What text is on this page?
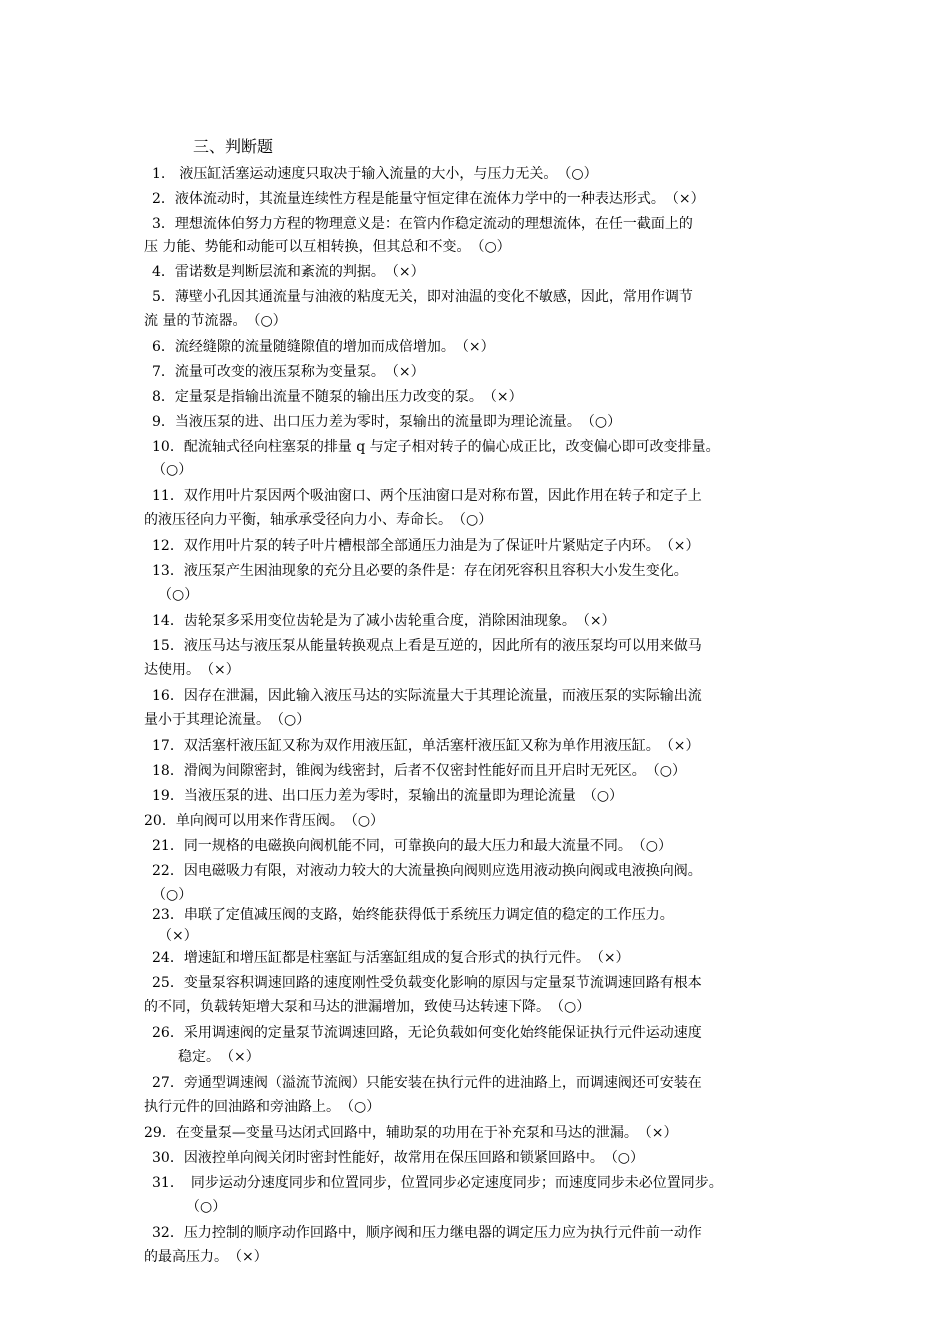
三、判断题
1.　液压缸活塞运动速度只取决于输入流量的大小，与压力无关。　（○）
2．液体流动时，其流量连续性方程是能量守恒定律在流体力学中的一种表达形式。　（×）
3．理想流体伯努力方程的物理意义是：在管内作稳定流动的理想流体，在任一截面上的
压 力能、势能和动能可以互相转换，但其总和不变。　（○）
4．雷诺数是判断层流和紊流的判据。　（×）
5．薄壁小孔因其通流量与油液的粘度无关，即对油温的变化不敏感，因此，常用作调节
流 量的节流器。　（○）
6．流经缝隙的流量随缝隙值的增加而成倍增加。　（×）
7．流量可改变的液压泵称为变量泵。　（×）
8．定量泵是指输出流量不随泵的输出压力改变的泵。　（×）
9．当液压泵的进、出口压力差为零时，泵输出的流量即为理论流量。　（○）
10．配流轴式径向柱塞泵的排量 q 与定子相对转子的偏心成正比，改变偏心即可改变排量。
（○）
11．双作用叶片泵因两个吸油窗口、两个压油窗口是对称布置，因此作用在转子和定子上
的液压径向力平衡，轴承承受径向力小、寿命长。　（○）
12．双作用叶片泵的转子叶片槽根部全部通压力油是为了保证叶片紧贴定子内环。　（×）
13．液压泵产生困油现象的充分且必要的条件是：存在闭死容积且容积大小发生变化。
（○）
14．齿轮泵多采用变位齿轮是为了减小齿轮重合度，消除困油现象。　（×）
15．液压马达与液压泵从能量转换观点上看是互逆的，因此所有的液压泵均可以用来做马
达使用。　（×）
16．因存在泄漏，因此输入液压马达的实际流量大于其理论流量，而液压泵的实际输出流
量小于其理论流量。　（○）
17．双活塞杆液压缸又称为双作用液压缸，单活塞杆液压缸又称为单作用液压缸。　（×）
18．滑阀为间隙密封，锥阀为线密封，后者不仅密封性能好而且开启时无死区。　（○）
19．当液压泵的进、出口压力差为零时，泵输出的流量即为理论流量　（○）
20．单向阀可以用来作背压阀。　（○）
21．同一规格的电磁换向阀机能不同，可靠换向的最大压力和最大流量不同。　（○）
22．因电磁吸力有限，对液动力较大的大流量换向阀则应选用液动换向阀或电液换向阀。
（○）
23．串联了定值减压阀的支路，始终能获得低于系统压力调定值的稳定的工作压力。
（×）
24．增速缸和增压缸都是柱塞缸与活塞缸组成的复合形式的执行元件。　（×）
25．变量泵容积调速回路的速度刚性受负载变化影响的原因与定量泵节流调速回路有根本
的不同，负载转矩增大泵和马达的泄漏增加，致使马达转速下降。　（○）
26．采用调速阀的定量泵节流调速回路，无论负载如何变化始终能保证执行元件运动速度
稳定。　（×）
27．旁通型调速阀（溢流节流阀）只能安装在执行元件的进油路上，而调速阀还可安装在
执行元件的回油路和旁油路上。　（○）
29．在变量泵—变量马达闭式回路中，辅助泵的功用在于补充泵和马达的泄漏。　（×）
30．因液控单向阀关闭时密封性能好，故常用在保压回路和锁紧回路中。　（○）
31．　同步运动分速度同步和位置同步，位置同步必定速度同步；而速度同步未必位置同步。
（○）
32．压力控制的顺序动作回路中，顺序阀和压力继电器的调定压力应为执行元件前一动作
的最高压力。　（×）
